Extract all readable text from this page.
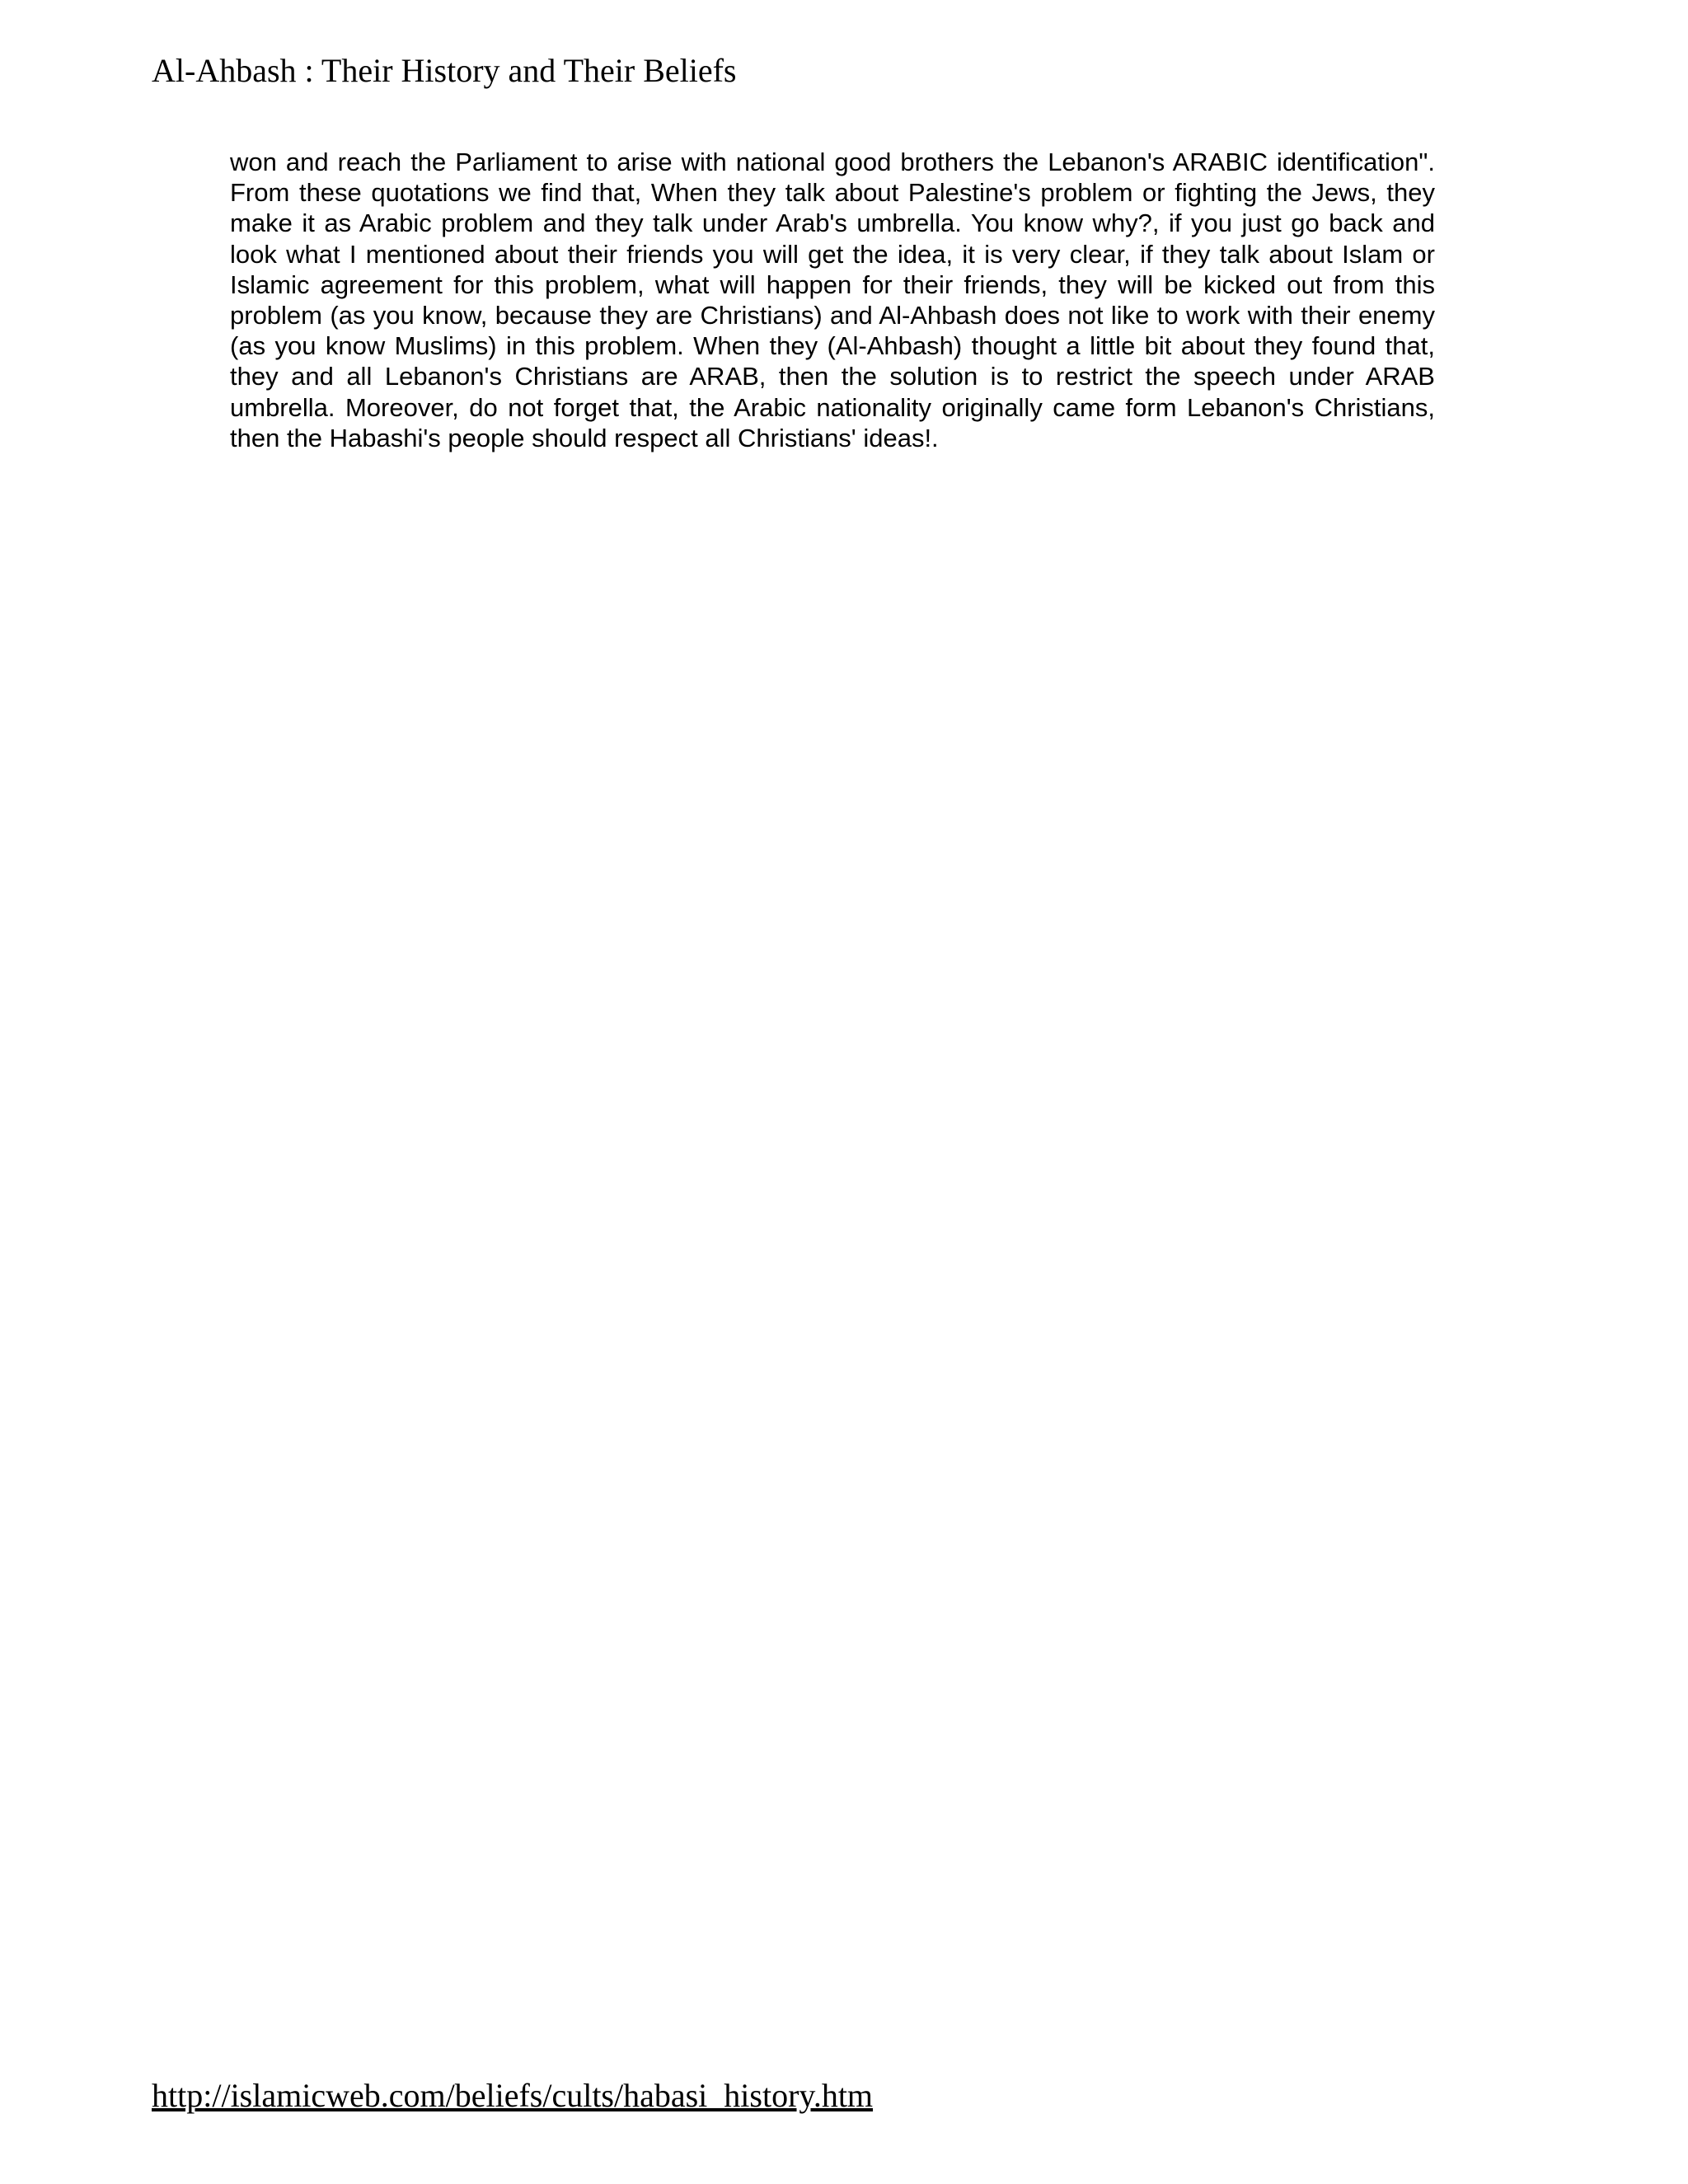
Al-Ahbash : Their History and Their Beliefs

won and reach the Parliament to arise with national good brothers the Lebanon's ARABIC identification". From these quotations we find that, When they talk about Palestine's problem or fighting the Jews, they make it as Arabic problem and they talk under Arab's umbrella. You know why?, if you just go back and look what I mentioned about their friends you will get the idea, it is very clear, if they talk about Islam or Islamic agreement for this problem, what will happen for their friends, they will be kicked out from this problem (as you know, because they are Christians) and Al-Ahbash does not like to work with their enemy (as you know Muslims) in this problem. When they (Al-Ahbash) thought a little bit about they found that, they and all Lebanon's Christians are ARAB, then the solution is to restrict the speech under ARAB umbrella. Moreover, do not forget that, the Arabic nationality originally came form Lebanon's Christians, then the Habashi's people should respect all Christians' ideas!.

http://islamicweb.com/beliefs/cults/habasi_history.htm
